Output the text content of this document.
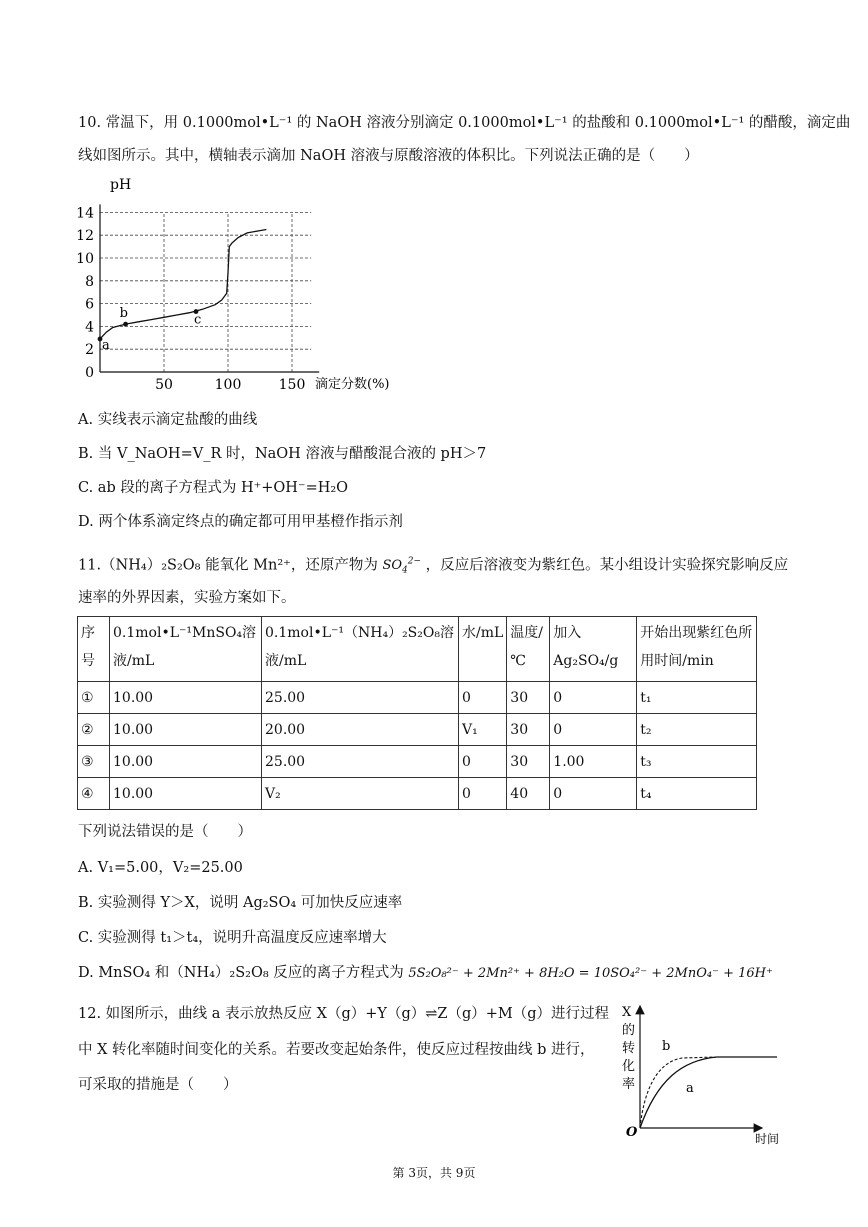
10. 常温下，用 0.1000mol•L⁻¹ 的 NaOH 溶液分别滴定 0.1000mol•L⁻¹ 的盐酸和 0.1000mol•L⁻¹ 的醋酸，滴定曲
线如图所示。其中，横轴表示滴加 NaOH 溶液与原酸溶液的体积比。下列说法正确的是（　　）
0
2
4
6
8
10
12
14
50	100	150
a
b	c
pH
滴定分数(%)
A. 实线表示滴定盐酸的曲线
B. 当 V_NaOH=V_R 时，NaOH 溶液与醋酸混合液的 pH＞7
C. ab 段的离子方程式为 H⁺+OH⁻=H₂O
D. 两个体系滴定终点的确定都可用甲基橙作指示剂
11.（NH₄）₂S₂O₈ 能氧化 Mn²⁺，还原产物为 $SO_4^{2-}$ ，反应后溶液变为紫红色。某小组设计实验探究影响反应
速率的外界因素，实验方案如下。
序号	0.1mol•L⁻¹MnSO₄溶液/mL	0.1mol•L⁻¹（NH₄）₂S₂O₈溶液/mL	水/mL	温度/℃	加入Ag₂SO₄/g	开始出现紫红色所用时间/min
①	10.00	25.00	0	30	0	t₁
②	10.00	20.00	V₁	30	0	t₂
③	10.00	25.00	0	30	1.00	t₃
④	10.00	V₂	0	40	0	t₄
下列说法错误的是（　　）
A. V₁=5.00，V₂=25.00
B. 实验测得 Y＞X，说明 Ag₂SO₄ 可加快反应速率
C. 实验测得 t₁＞t₄，说明升高温度反应速率增大
D. MnSO₄ 和（NH₄）₂S₂O₈ 反应的离子方程式为 5S₂O₈²⁻ + 2Mn²⁺ + 8H₂O = 10SO₄²⁻ + 2MnO₄⁻ + 16H⁺
12. 如图所示，曲线 a 表示放热反应 X（g）+Y（g）⇌Z（g）+M（g）进行过程
中 X 转化率随时间变化的关系。若要改变起始条件，使反应过程按曲线 b 进行，
可采取的措施是（　　）
X
的
转
化
率
O	时间
a
b
第 3页，共 9页
